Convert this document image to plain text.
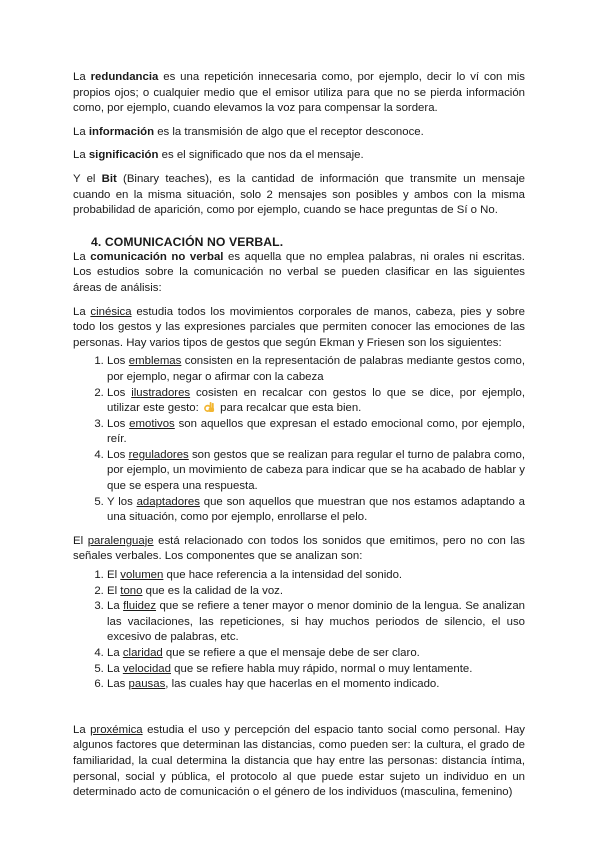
La redundancia es una repetición innecesaria como, por ejemplo, decir lo ví con mis propios ojos; o cualquier medio que el emisor utiliza para que no se pierda información como, por ejemplo, cuando elevamos la voz para compensar la sordera.

La información es la transmisión de algo que el receptor desconoce.

La significación es el significado que nos da el mensaje.

Y el Bit (Binary teaches), es la cantidad de información que transmite un mensaje cuando en la misma situación, solo 2 mensajes son posibles y ambos con la misma probabilidad de aparición, como por ejemplo, cuando se hace preguntas de Sí o No.

4. COMUNICACIÓN NO VERBAL.

La comunicación no verbal es aquella que no emplea palabras, ni orales ni escritas. Los estudios sobre la comunicación no verbal se pueden clasificar en las siguientes áreas de análisis:

La cinésica estudia todos los movimientos corporales de manos, cabeza, pies y sobre todo los gestos y las expresiones parciales que permiten conocer las emociones de las personas. Hay varios tipos de gestos que según Ekman y Friesen son los siguientes:

1. Los emblemas consisten en la representación de palabras mediante gestos como, por ejemplo, negar o afirmar con la cabeza
2. Los ilustradores cosisten en recalcar con gestos lo que se dice, por ejemplo, utilizar este gesto:  para recalcar que esta bien.
3. Los emotivos son aquellos que expresan el estado emocional como, por ejemplo, reír.
4. Los reguladores son gestos que se realizan para regular el turno de palabra como, por ejemplo, un movimiento de cabeza para indicar que se ha acabado de hablar y que se espera una respuesta.
5. Y los adaptadores que son aquellos que muestran que nos estamos adaptando a una situación, como por ejemplo, enrollarse el pelo.

El paralenguaje está relacionado con todos los sonidos que emitimos, pero no con las señales verbales. Los componentes que se analizan son:

1. El volumen que hace referencia a la intensidad del sonido.
2. El tono que es la calidad de la voz.
3. La fluidez que se refiere a tener mayor o menor dominio de la lengua. Se analizan las vacilaciones, las repeticiones, si hay muchos periodos de silencio, el uso excesivo de palabras, etc.
4. La claridad que se refiere a que el mensaje debe de ser claro.
5. La velocidad que se refiere habla muy rápido, normal o muy lentamente.
6. Las pausas, las cuales hay que hacerlas en el momento indicado.

La proxémica estudia el uso y percepción del espacio tanto social como personal. Hay algunos factores que determinan las distancias, como pueden ser: la cultura, el grado de familiaridad, la cual determina la distancia que hay entre las personas: distancia íntima, personal, social y pública, el protocolo al que puede estar sujeto un individuo en un determinado acto de comunicación o el género de los individuos (masculina, femenino)
